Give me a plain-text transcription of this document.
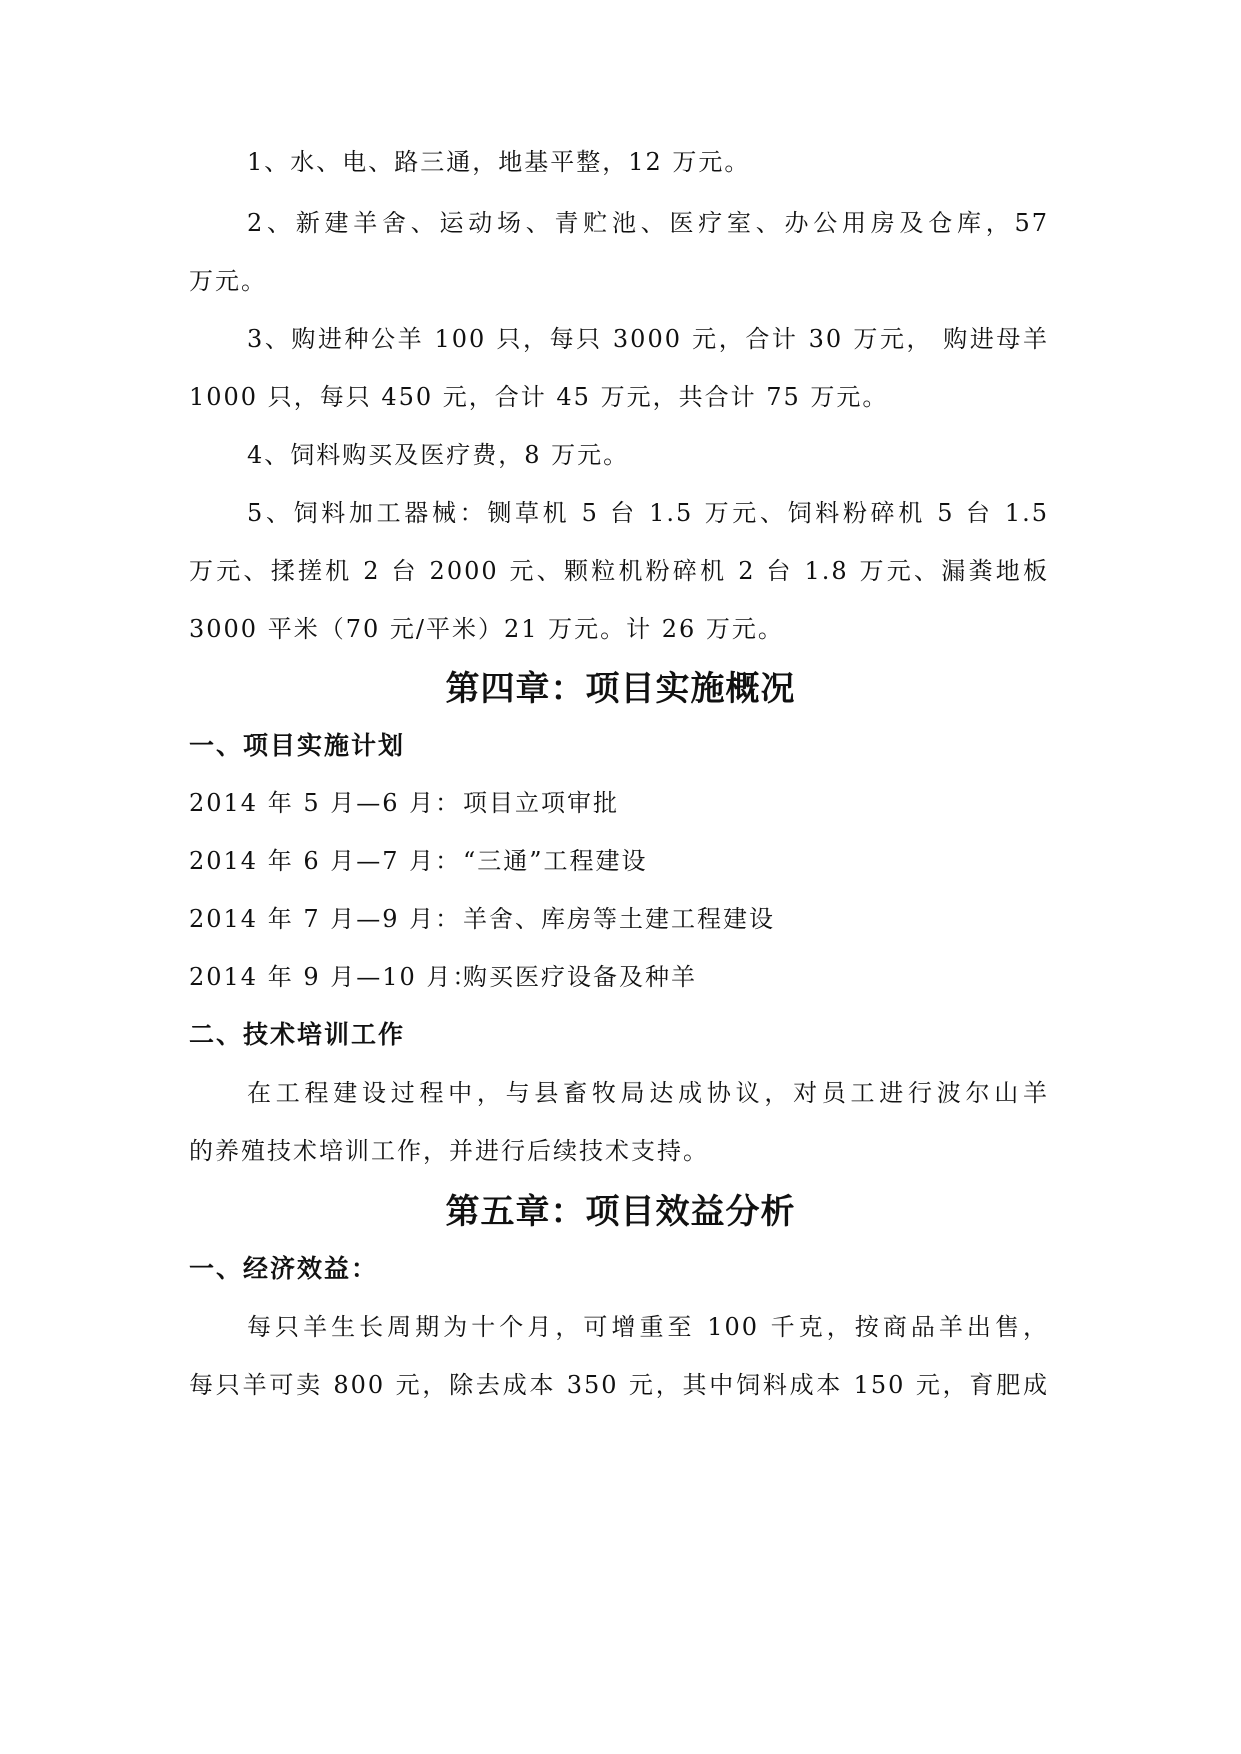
1、水、电、路三通，地基平整，12 万元。
2、新建羊舍、运动场、青贮池、医疗室、办公用房及仓库，57
万元。
3、购进种公羊 100 只，每只 3000 元，合计 30 万元， 购进母羊
1000 只，每只 450 元，合计 45 万元，共合计 75 万元。
4、饲料购买及医疗费，8 万元。
5、饲料加工器械：铡草机 5 台 1.5 万元、饲料粉碎机 5 台 1.5
万元、揉搓机 2 台 2000 元、颗粒机粉碎机 2 台 1.8 万元、漏粪地板
3000 平米（70 元/平米）21 万元。计 26 万元。
第四章：项目实施概况
一、项目实施计划
2014 年 5 月—6 月：项目立项审批
2014 年 6 月—7 月：“三通”工程建设
2014 年 7 月—9 月：羊舍、库房等土建工程建设
2014 年 9 月—10 月：购买医疗设备及种羊
二、技术培训工作
在工程建设过程中，与县畜牧局达成协议，对员工进行波尔山羊
的养殖技术培训工作，并进行后续技术支持。
第五章：项目效益分析
一、经济效益：
每只羊生长周期为十个月，可增重至 100 千克，按商品羊出售，
每只羊可卖 800 元，除去成本 350 元，其中饲料成本 150 元，育肥成
